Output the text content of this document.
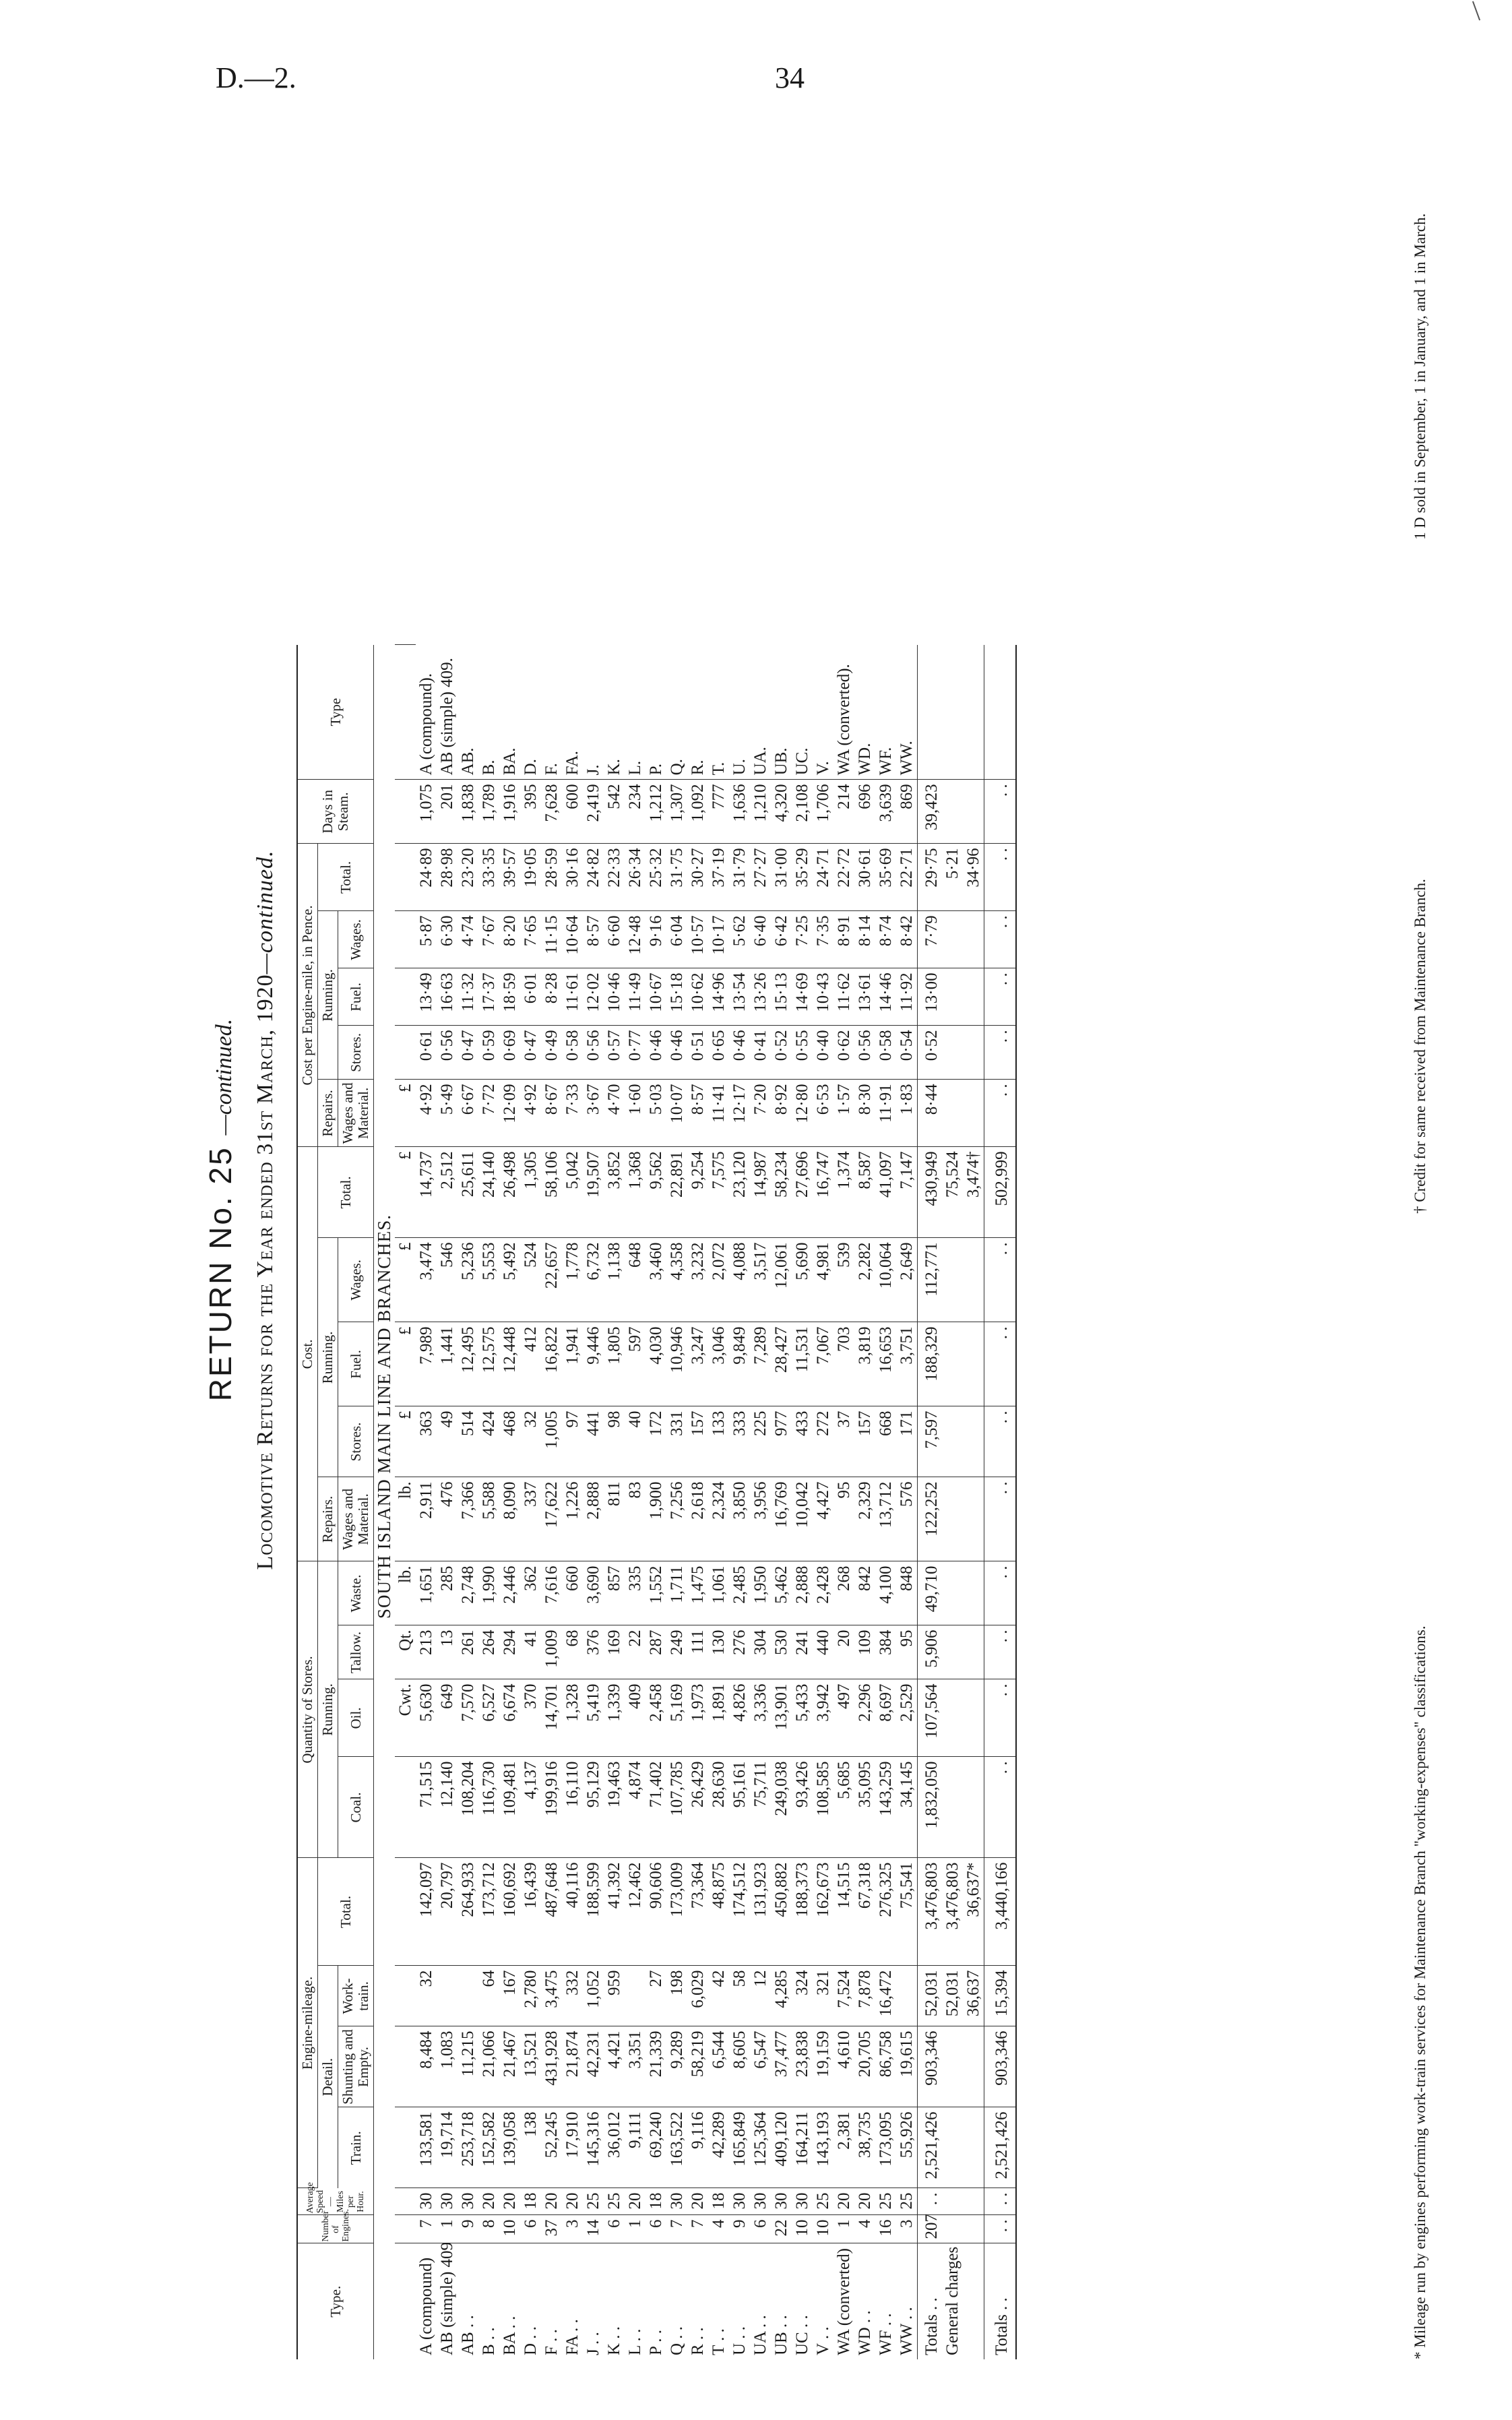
D.—2.	34
RETURN No. 25 —continued. Locomotive Returns for the Year ended 31st March, 1920—continued.
Type.	Number of Engines.	Average Speed — Miles per Hour.	Engine-mileage.				Quantity of Stores.				Cost.					Cost per Engine-mile, in Pence.					Days in Steam.	Type	
			Detail.			Total.	Running.				Repairs.	Running.			Total.	Repairs.	Running.			Total.			
			Train.	Shunting and Empty.	Work-train.		Coal.	Oil.	Tallow.	Waste.	Wages and Material.	Stores.	Fuel.	Wages.		Wages and Material.	Stores.	Fuel.	Wages.				
			SOUTH ISLAND MAIN LINE AND BRANCHES.																				
								Cwt.	Qt.	lb.	lb.	£	£	£	£	£							
A (compound)	7	30	133,581	8,484	32	142,097	71,515	5,630	213	1,651	2,911	363	7,989	3,474	14,737	4·92	0·61	13·49	5·87	24·89	1,075	A (compound).	
AB (simple) 409	1	30	19,714	1,083		20,797	12,140	649	13	285	476	49	1,441	546	2,512	5·49	0·56	16·63	6·30	28·98	201	AB (simple) 409.	
AB . .	9	30	253,718	11,215		264,933	108,204	7,570	261	2,748	7,366	514	12,495	5,236	25,611	6·67	0·47	11·32	4·74	23·20	1,838	AB.	
B . .	8	20	152,582	21,066	64	173,712	116,730	6,527	264	1,990	5,588	424	12,575	5,553	24,140	7·72	0·59	17·37	7·67	33·35	1,789	B.	
BA . .	10	20	139,058	21,467	167	160,692	109,481	6,674	294	2,446	8,090	468	12,448	5,492	26,498	12·09	0·69	18·59	8·20	39·57	1,916	BA.	
D . .	6	18	138	13,521	2,780	16,439	4,137	370	41	362	337	32	412	524	1,305	4·92	0·47	6·01	7·65	19·05	395	D.	
F . .	37	20	52,245	431,928	3,475	487,648	199,916	14,701	1,009	7,616	17,622	1,005	16,822	22,657	58,106	8·67	0·49	8·28	11·15	28·59	7,628	F.	
FA . .	3	20	17,910	21,874	332	40,116	16,110	1,328	68	660	1,226	97	1,941	1,778	5,042	7·33	0·58	11·61	10·64	30·16	600	FA.	
J . .	14	25	145,316	42,231	1,052	188,599	95,129	5,419	376	3,690	2,888	441	9,446	6,732	19,507	3·67	0·56	12·02	8·57	24·82	2,419	J.	
K . .	6	25	36,012	4,421	959	41,392	19,463	1,339	169	857	811	98	1,805	1,138	3,852	4·70	0·57	10·46	6·60	22·33	542	K.	
L . .	1	20	9,111	3,351		12,462	4,874	409	22	335	83	40	597	648	1,368	1·60	0·77	11·49	12·48	26·34	234	L.	
P . .	6	18	69,240	21,339	27	90,606	71,402	2,458	287	1,552	1,900	172	4,030	3,460	9,562	5·03	0·46	10·67	9·16	25·32	1,212	P.	
Q . .	7	30	163,522	9,289	198	173,009	107,785	5,169	249	1,711	7,256	331	10,946	4,358	22,891	10·07	0·46	15·18	6·04	31·75	1,307	Q.	
R . .	7	20	9,116	58,219	6,029	73,364	26,429	1,973	111	1,475	2,618	157	3,247	3,232	9,254	8·57	0·51	10·62	10·57	30·27	1,092	R.	
T . .	4	18	42,289	6,544	42	48,875	28,630	1,891	130	1,061	2,324	133	3,046	2,072	7,575	11·41	0·65	14·96	10·17	37·19	777	T.	
U . .	9	30	165,849	8,605	58	174,512	95,161	4,826	276	2,485	3,850	333	9,849	4,088	23,120	12·17	0·46	13·54	5·62	31·79	1,636	U.	
UA . .	6	30	125,364	6,547	12	131,923	75,711	3,336	304	1,950	3,956	225	7,289	3,517	14,987	7·20	0·41	13·26	6·40	27·27	1,210	UA.	
UB . .	22	30	409,120	37,477	4,285	450,882	249,038	13,901	530	5,462	16,769	977	28,427	12,061	58,234	8·92	0·52	15·13	6·42	31·00	4,320	UB.	
UC . .	10	30	164,211	23,838	324	188,373	93,426	5,433	241	2,888	10,042	433	11,531	5,690	27,696	12·80	0·55	14·69	7·25	35·29	2,108	UC.	
V . .	10	25	143,193	19,159	321	162,673	108,585	3,942	440	2,428	4,427	272	7,067	4,981	16,747	6·53	0·40	10·43	7·35	24·71	1,706	V.	
WA (converted)	1	20	2,381	4,610	7,524	14,515	5,685	497	20	268	95	37	703	539	1,374	1·57	0·62	11·62	8·91	22·72	214	WA (converted).	
WD . .	4	20	38,735	20,705	7,878	67,318	35,095	2,296	109	842	2,329	157	3,819	2,282	8,587	8·30	0·56	13·61	8·14	30·61	696	WD.	
WF . .	16	25	173,095	86,758	16,472	276,325	143,259	8,697	384	4,100	13,712	668	16,653	10,064	41,097	11·91	0·58	14·46	8·74	35·69	3,639	WF.	
WW . .	3	25	55,926	19,615		75,541	34,145	2,529	95	848	576	171	3,751	2,649	7,147	1·83	0·54	11·92	8·42	22·71	869	WW.	
Totals . .	207	. .	2,521,426	903,346	52,031	3,476,803	1,832,050	107,564	5,906	49,710	122,252	7,597	188,329	112,771	430,949	8·44	0·52	13·00	7·79	29·75	39,423		
General charges					52,031	3,476,803									75,524					5·21			
					36,637	36,637*									3,474†					34·96			
Totals . .	. .	. .	2,521,426	903,346	15,394	3,440,166	. .	. .	. .	. .	. .	. .	. .	. .	502,999	. .	. .	. .	. .	. .	. .		
* Mileage run by engines performing work-train services for Maintenance Branch "working-expenses" classifications.
† Credit for same received from Maintenance Branch.
1 D sold in September, 1 in January, and 1 in March.
